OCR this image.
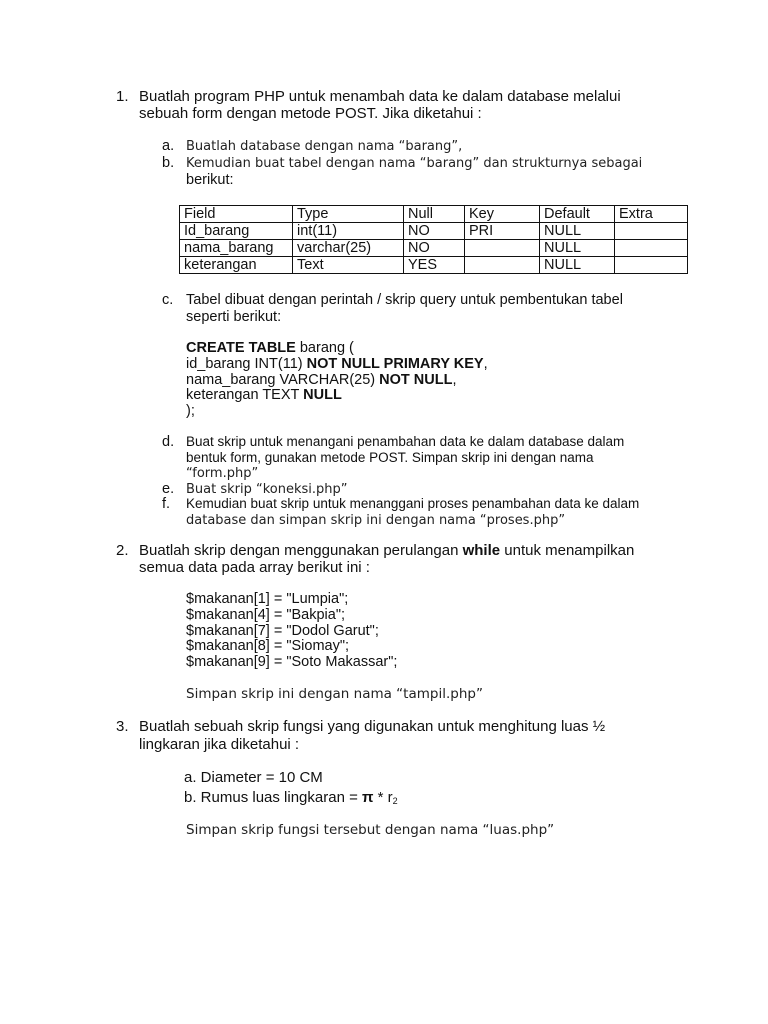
1. Buatlah program PHP untuk menambah data ke dalam database melalui
sebuah form dengan metode POST. Jika diketahui :
a. Buatlah database dengan nama “barang”,
b. Kemudian buat tabel dengan nama “barang” dan strukturnya sebagai
berikut:
Field	Type	Null	Key	Default	Extra
Id_barang	int(11)	NO	PRI	NULL	
nama_barang	varchar(25)	NO		NULL	
keterangan	Text	YES		NULL	
c. Tabel dibuat dengan perintah / skrip query untuk pembentukan tabel
seperti berikut:
CREATE TABLE barang (
id_barang INT(11) NOT NULL PRIMARY KEY,
nama_barang VARCHAR(25) NOT NULL,
keterangan TEXT NULL
);
d. Buat skrip untuk menangani penambahan data ke dalam database dalam
bentuk form, gunakan metode POST. Simpan skrip ini dengan nama
“form.php”
e. Buat skrip “koneksi.php”
f. Kemudian buat skrip untuk menanggani proses penambahan data ke dalam
database dan simpan skrip ini dengan nama “proses.php”
2. Buatlah skrip dengan menggunakan perulangan while untuk menampilkan
semua data pada array berikut ini :
$makanan[1] = "Lumpia";
$makanan[4] = "Bakpia";
$makanan[7] = "Dodol Garut";
$makanan[8] = "Siomay";
$makanan[9] = "Soto Makassar";
Simpan skrip ini dengan nama “tampil.php”
3. Buatlah sebuah skrip fungsi yang digunakan untuk menghitung luas ½
lingkaran jika diketahui :
a. Diameter = 10 CM
b. Rumus luas lingkaran = π * r2
Simpan skrip fungsi tersebut dengan nama “luas.php”
